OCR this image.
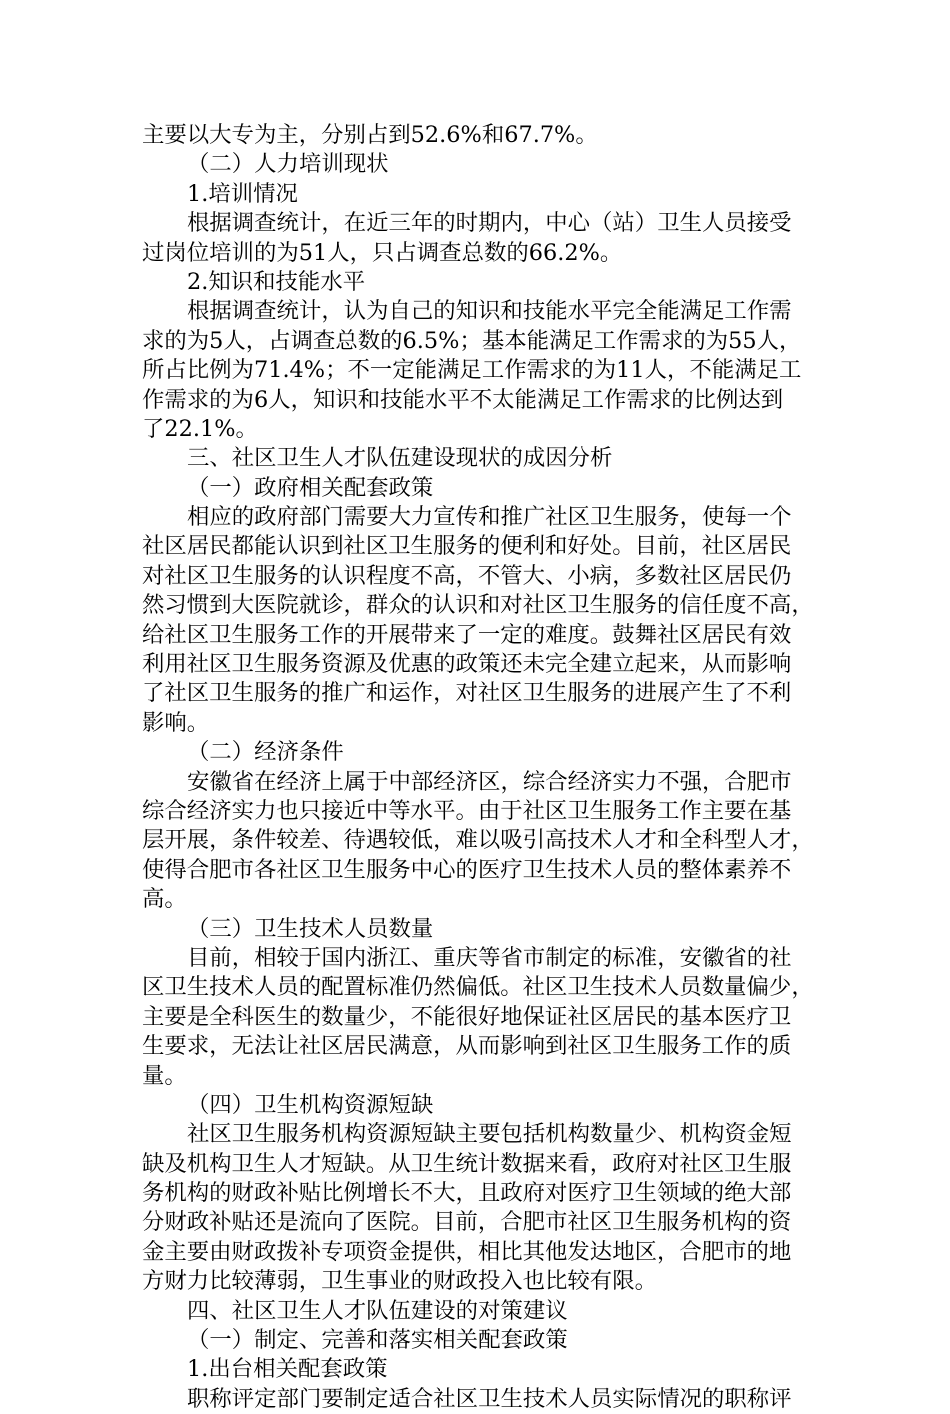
主要以大专为主，分别占到52.6%和67.7%。
（二）人力培训现状
1.培训情况
根据调查统计，在近三年的时期内，中心（站）卫生人员接受
过岗位培训的为51人，只占调查总数的66.2%。
2.知识和技能水平
根据调查统计，认为自己的知识和技能水平完全能满足工作需
求的为5人，占调查总数的6.5%；基本能满足工作需求的为55人，
所占比例为71.4%；不一定能满足工作需求的为11人，不能满足工
作需求的为6人，知识和技能水平不太能满足工作需求的比例达到
了22.1%。
三、社区卫生人才队伍建设现状的成因分析
（一）政府相关配套政策
相应的政府部门需要大力宣传和推广社区卫生服务，使每一个
社区居民都能认识到社区卫生服务的便利和好处。目前，社区居民
对社区卫生服务的认识程度不高，不管大、小病，多数社区居民仍
然习惯到大医院就诊，群众的认识和对社区卫生服务的信任度不高，
给社区卫生服务工作的开展带来了一定的难度。鼓舞社区居民有效
利用社区卫生服务资源及优惠的政策还未完全建立起来，从而影响
了社区卫生服务的推广和运作，对社区卫生服务的进展产生了不利
影响。
（二）经济条件
安徽省在经济上属于中部经济区，综合经济实力不强，合肥市
综合经济实力也只接近中等水平。由于社区卫生服务工作主要在基
层开展，条件较差、待遇较低，难以吸引高技术人才和全科型人才，
使得合肥市各社区卫生服务中心的医疗卫生技术人员的整体素养不
高。
（三）卫生技术人员数量
目前，相较于国内浙江、重庆等省市制定的标准，安徽省的社
区卫生技术人员的配置标准仍然偏低。社区卫生技术人员数量偏少，
主要是全科医生的数量少，不能很好地保证社区居民的基本医疗卫
生要求，无法让社区居民满意，从而影响到社区卫生服务工作的质
量。
（四）卫生机构资源短缺
社区卫生服务机构资源短缺主要包括机构数量少、机构资金短
缺及机构卫生人才短缺。从卫生统计数据来看，政府对社区卫生服
务机构的财政补贴比例增长不大，且政府对医疗卫生领域的绝大部
分财政补贴还是流向了医院。目前，合肥市社区卫生服务机构的资
金主要由财政拨补专项资金提供，相比其他发达地区，合肥市的地
方财力比较薄弱，卫生事业的财政投入也比较有限。
四、社区卫生人才队伍建设的对策建议
（一）制定、完善和落实相关配套政策
1.出台相关配套政策
职称评定部门要制定适合社区卫生技术人员实际情况的职称评
